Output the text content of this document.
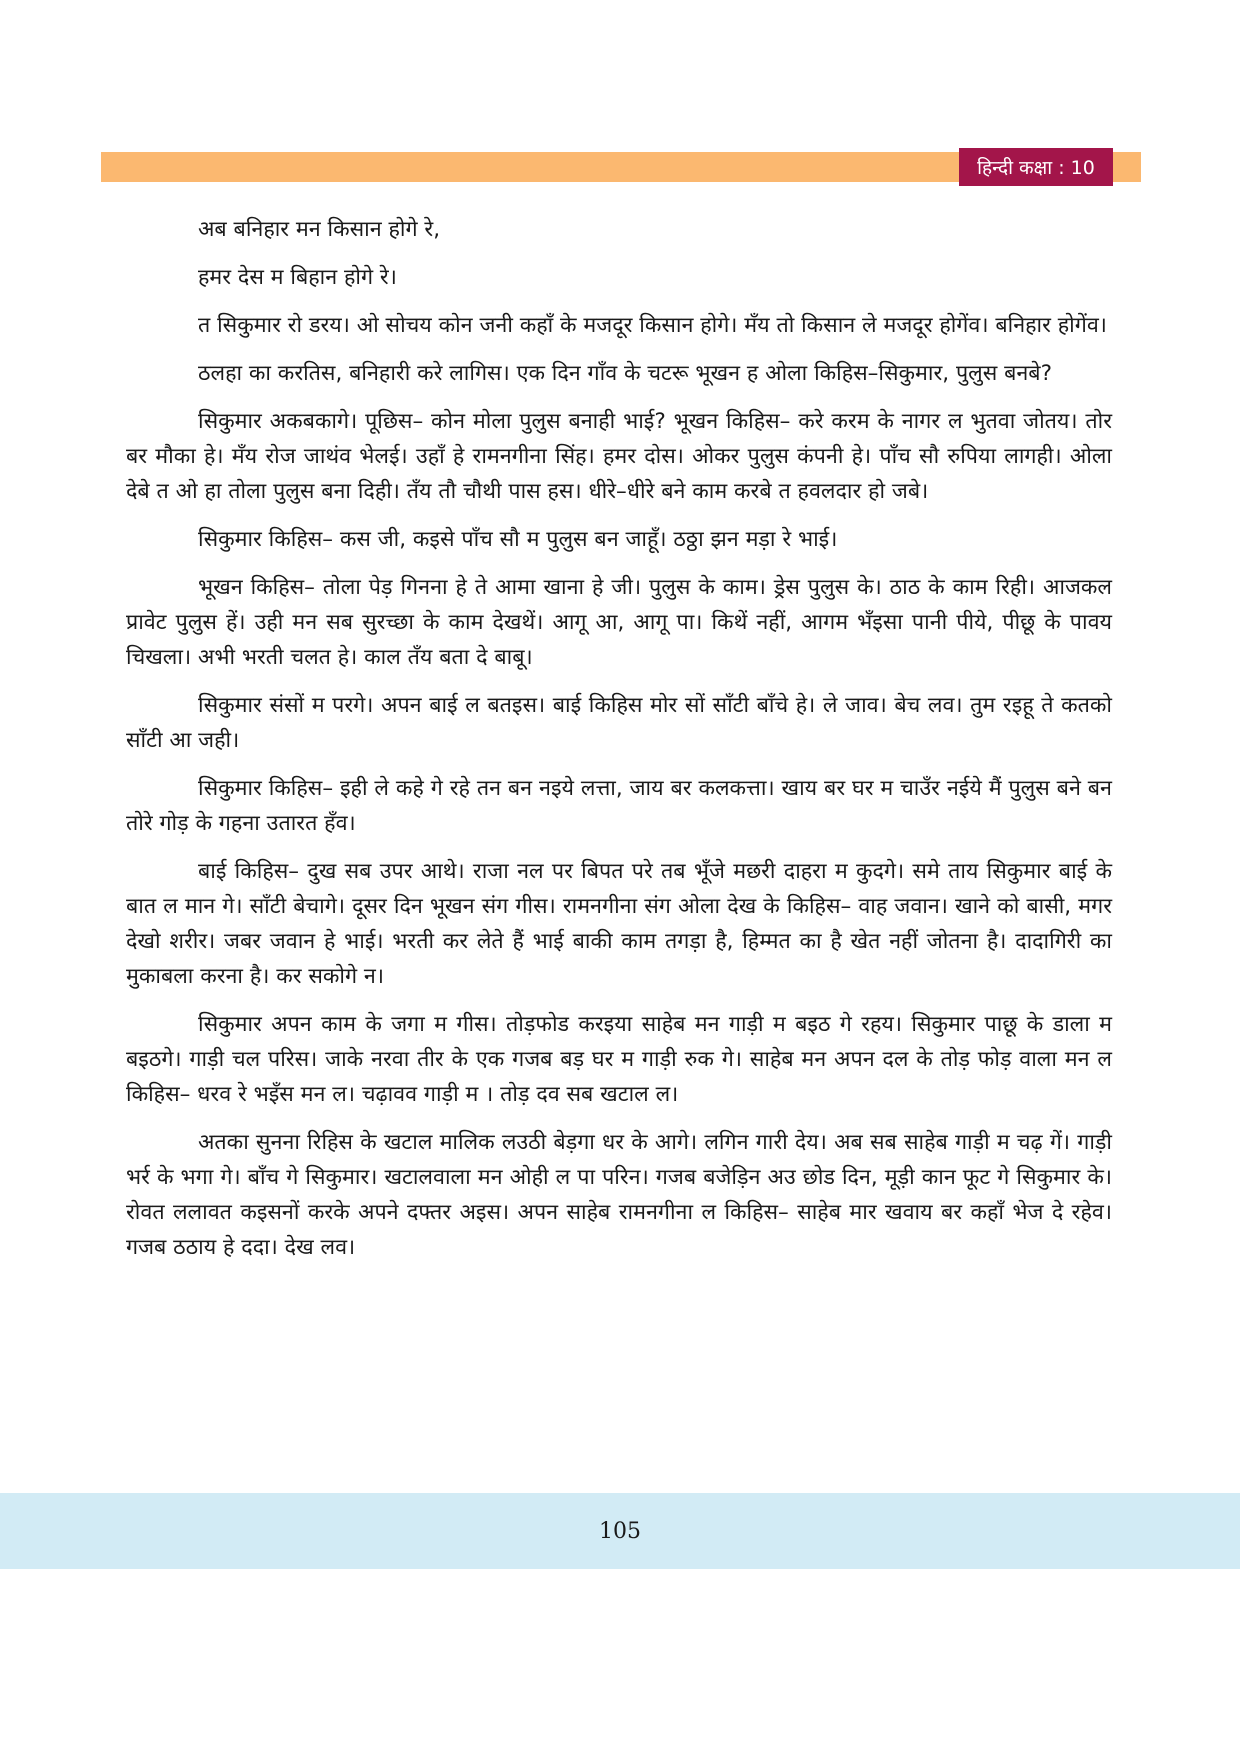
हिन्दी कक्षा : 10

अब बनिहार मन किसान होगे रे,

हमर देस म बिहान होगे रे।

त सिकुमार रो डरय। ओ सोचय कोन जनी कहाँ के मजदूर किसान होगे। मँय तो किसान ले मजदूर होगेंव। बनिहार होगेंव।

ठलहा का करतिस, बनिहारी करे लागिस। एक दिन गाँव के चटरू भूखन ह ओला किहिस–सिकुमार, पुलुस बनबे?

सिकुमार अकबकागे। पूछिस– कोन मोला पुलुस बनाही भाई? भूखन किहिस– करे करम के नागर ल भुतवा जोतय। तोर बर मौका हे। मँय रोज जाथंव भेलई। उहाँ हे रामनगीना सिंह। हमर दोस। ओकर पुलुस कंपनी हे। पाँच सौ रुपिया लागही। ओला देबे त ओ हा तोला पुलुस बना दिही। तँय तौ चौथी पास हस। धीरे–धीरे बने काम करबे त हवलदार हो जबे।

सिकुमार किहिस– कस जी, कइसे पाँच सौ म पुलुस बन जाहूँ। ठठ्ठा झन मड़ा रे भाई।

भूखन किहिस– तोला पेड़ गिनना हे ते आमा खाना हे जी। पुलुस के काम। ड्रेस पुलुस के। ठाठ के काम रिही। आजकल प्रावेट पुलुस हें। उही मन सब सुरच्छा के काम देखथें। आगू आ, आगू पा। किथें नहीं, आगम भँइसा पानी पीये, पीछू के पावय चिखला। अभी भरती चलत हे। काल तँय बता दे बाबू।

सिकुमार संसों म परगे। अपन बाई ल बतइस। बाई किहिस मोर सों साँटी बाँचे हे। ले जाव। बेच लव। तुम रइहू ते कतको साँटी आ जही।

सिकुमार किहिस– इही ले कहे गे रहे तन बन नइये लत्ता, जाय बर कलकत्ता। खाय बर घर म चाउँर नईये मैं पुलुस बने बन तोरे गोड़ के गहना उतारत हँव।

बाई किहिस– दुख सब उपर आथे। राजा नल पर बिपत परे तब भूँजे मछरी दाहरा म कुदगे। समे ताय सिकुमार बाई के बात ल मान गे। साँटी बेचागे। दूसर दिन भूखन संग गीस। रामनगीना संग ओला देख के किहिस– वाह जवान। खाने को बासी, मगर देखो शरीर। जबर जवान हे भाई। भरती कर लेते हैं भाई बाकी काम तगड़ा है, हिम्मत का है खेत नहीं जोतना है। दादागिरी का मुकाबला करना है। कर सकोगे न।

सिकुमार अपन काम के जगा म गीस। तोड़फोड करइया साहेब मन गाड़ी म बइठ गे रहय। सिकुमार पाछू के डाला म बइठगे। गाड़ी चल परिस। जाके नरवा तीर के एक गजब बड़ घर म गाड़ी रुक गे। साहेब मन अपन दल के तोड़ फोड़ वाला मन ल किहिस– धरव रे भइँस मन ल। चढ़ावव गाड़ी म । तोड़ दव सब खटाल ल।

अतका सुनना रिहिस के खटाल मालिक लउठी बेड़गा धर के आगे। लगिन गारी देय। अब सब साहेब गाड़ी म चढ़ गें। गाड़ी भर्र के भगा गे। बाँच गे सिकुमार। खटालवाला मन ओही ल पा परिन। गजब बजेड़िन अउ छोड दिन, मूड़ी कान फूट गे सिकुमार के। रोवत ललावत कइसनों करके अपने दफ्तर अइस। अपन साहेब रामनगीना ल किहिस– साहेब मार खवाय बर कहाँ भेज दे रहेव। गजब ठठाय हे ददा। देख लव।

105
